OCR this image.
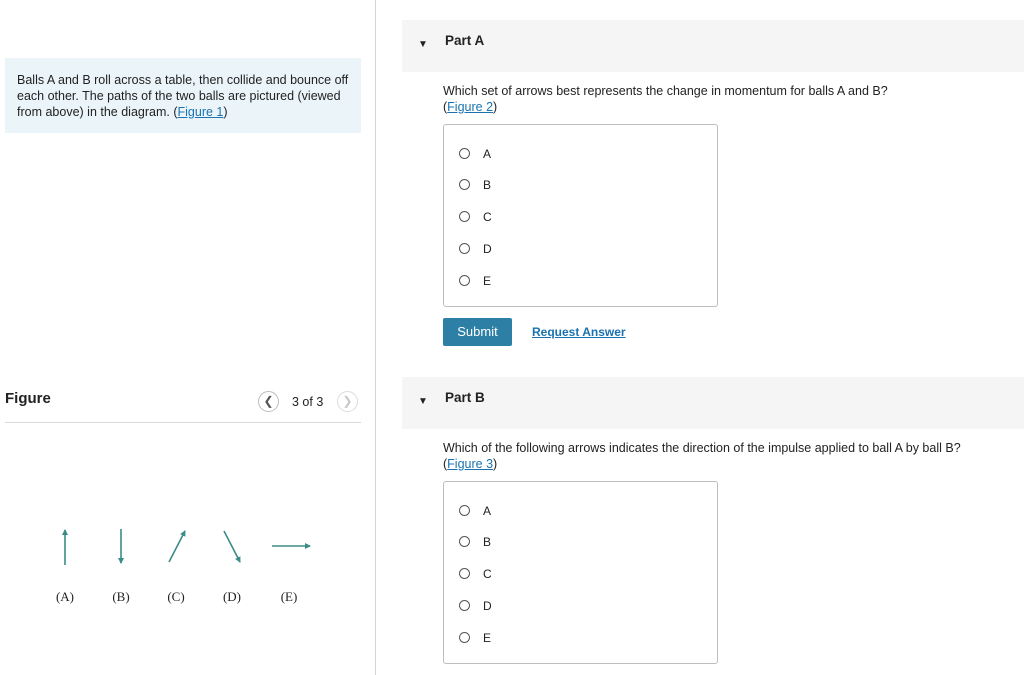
Balls A and B roll across a table, then collide and bounce off each other. The paths of the two balls are pictured (viewed from above) in the diagram. (Figure 1)
Figure	❮	3 of 3	❯
(A)	(B)	(C)	(D)	(E)
▼ Part A
Which set of arrows best represents the change in momentum for balls A and B?
(Figure 2)
A
B
C
D
E
Submit	Request Answer
▼ Part B
Which of the following arrows indicates the direction of the impulse applied to ball A by ball B?
(Figure 3)
A
B
C
D
E
